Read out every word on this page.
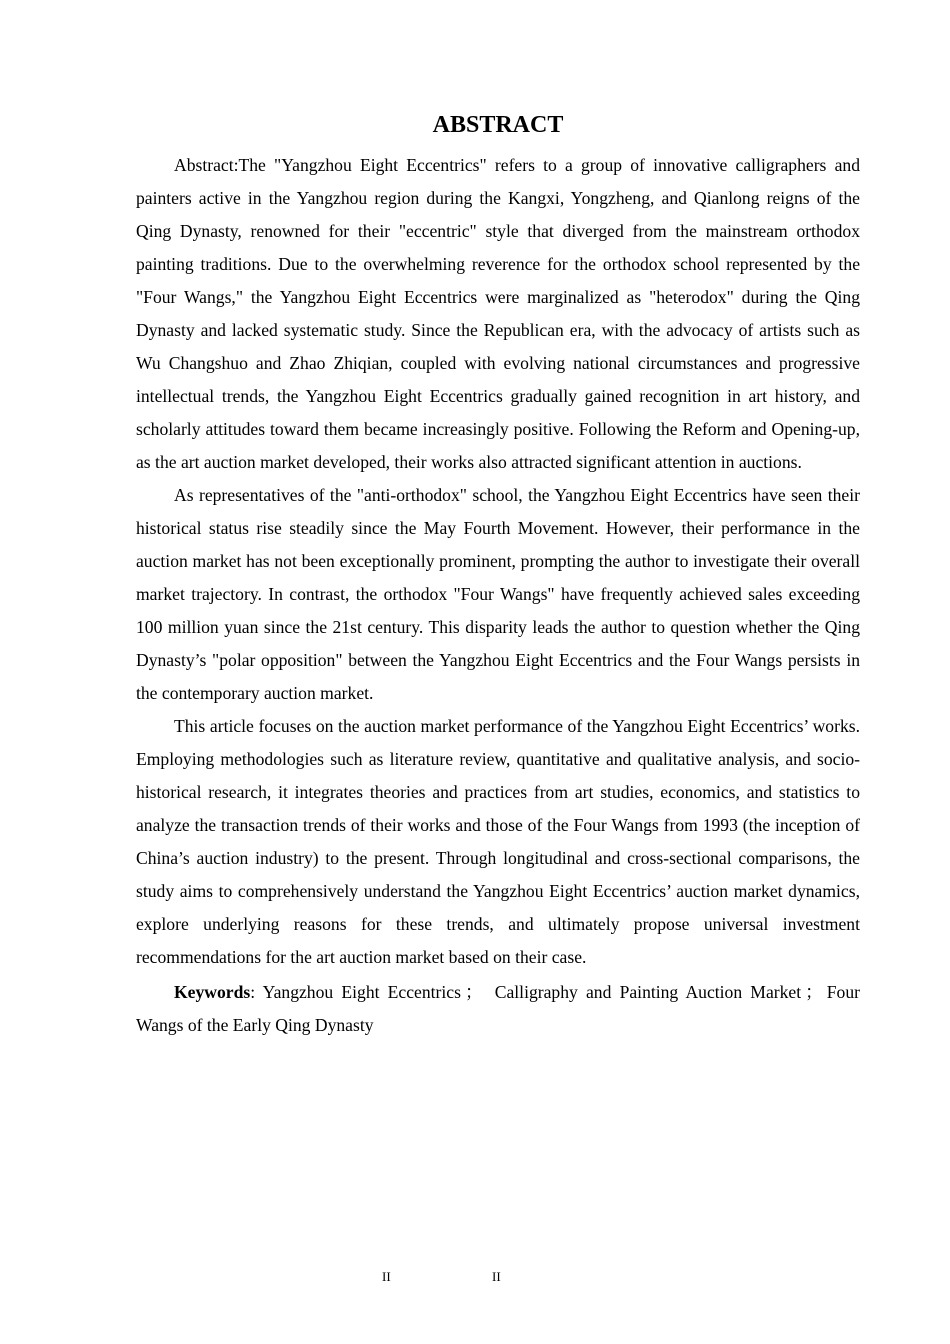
ABSTRACT

Abstract:The "Yangzhou Eight Eccentrics" refers to a group of innovative calligraphers and painters active in the Yangzhou region during the Kangxi, Yongzheng, and Qianlong reigns of the Qing Dynasty, renowned for their "eccentric" style that diverged from the mainstream orthodox painting traditions. Due to the overwhelming reverence for the orthodox school represented by the "Four Wangs," the Yangzhou Eight Eccentrics were marginalized as "heterodox" during the Qing Dynasty and lacked systematic study. Since the Republican era, with the advocacy of artists such as Wu Changshuo and Zhao Zhiqian, coupled with evolving national circumstances and progressive intellectual trends, the Yangzhou Eight Eccentrics gradually gained recognition in art history, and scholarly attitudes toward them became increasingly positive. Following the Reform and Opening-up, as the art auction market developed, their works also attracted significant attention in auctions.

As representatives of the "anti-orthodox" school, the Yangzhou Eight Eccentrics have seen their historical status rise steadily since the May Fourth Movement. However, their performance in the auction market has not been exceptionally prominent, prompting the author to investigate their overall market trajectory. In contrast, the orthodox "Four Wangs" have frequently achieved sales exceeding 100 million yuan since the 21st century. This disparity leads the author to question whether the Qing Dynasty’s "polar opposition" between the Yangzhou Eight Eccentrics and the Four Wangs persists in the contemporary auction market.

This article focuses on the auction market performance of the Yangzhou Eight Eccentrics’ works. Employing methodologies such as literature review, quantitative and qualitative analysis, and socio-historical research, it integrates theories and practices from art studies, economics, and statistics to analyze the transaction trends of their works and those of the Four Wangs from 1993 (the inception of China’s auction industry) to the present. Through longitudinal and cross-sectional comparisons, the study aims to comprehensively understand the Yangzhou Eight Eccentrics’ auction market dynamics, explore underlying reasons for these trends, and ultimately propose universal investment recommendations for the art auction market based on their case.

Keywords: Yangzhou Eight Eccentrics ； Calligraphy and Painting Auction Market ； Four Wangs of the Early Qing Dynasty

II	II
